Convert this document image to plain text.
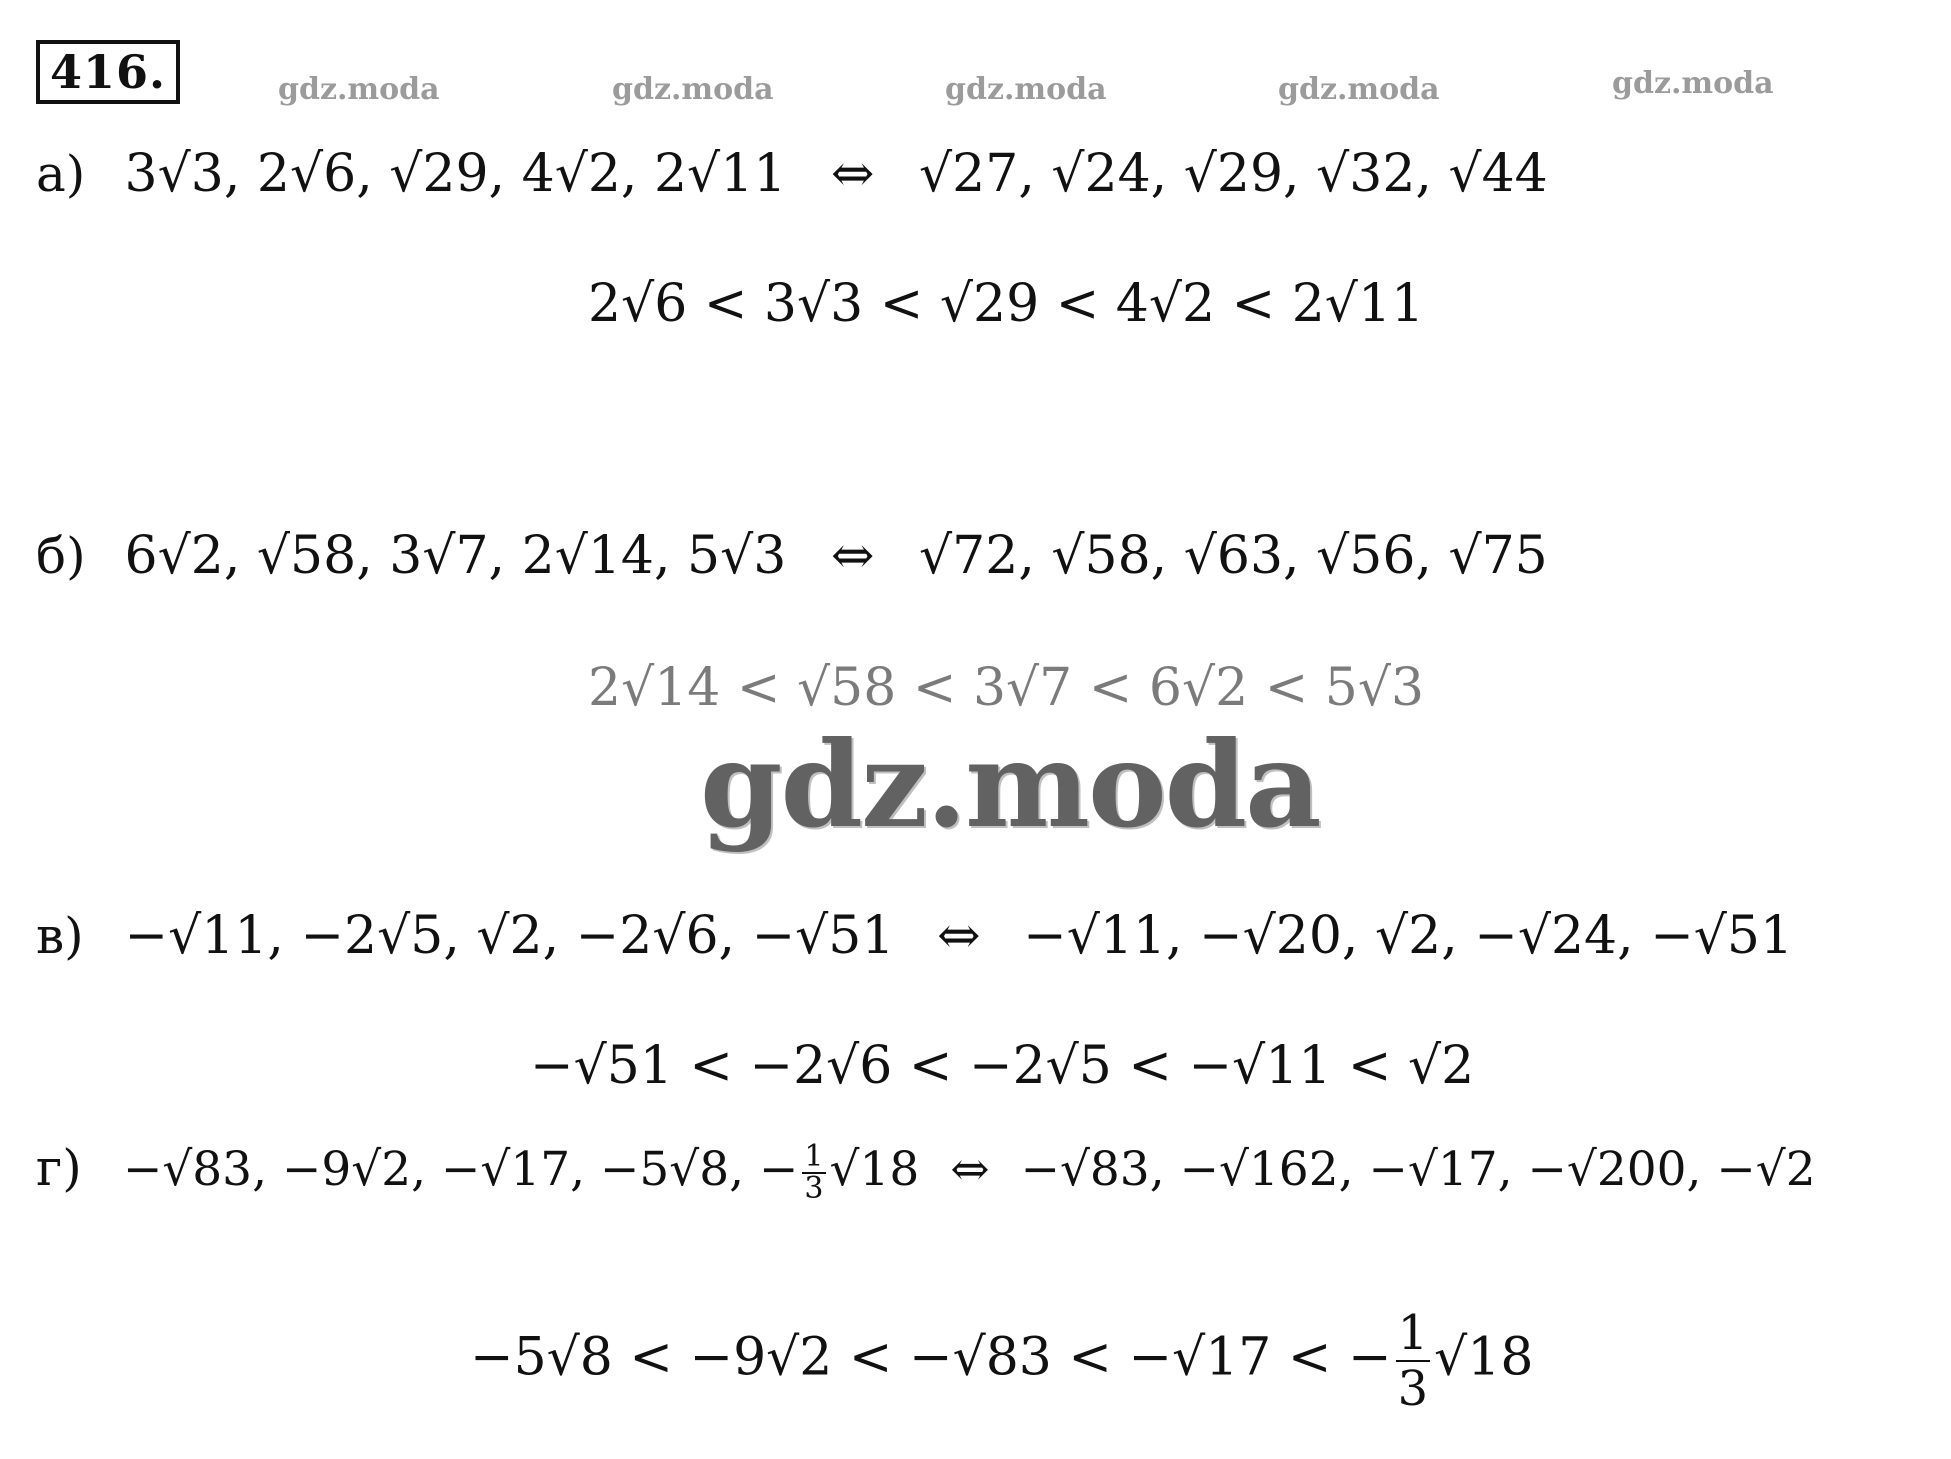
416.	gdz.moda	gdz.moda	gdz.moda	gdz.moda	gdz.moda
а) 3√3, 2√6, √29, 4√2, 2√11 ⇔ √27, √24, √29, √32, √44
2√6 < 3√3 < √29 < 4√2 < 2√11
б) 6√2, √58, 3√7, 2√14, 5√3 ⇔ √72, √58, √63, √56, √75
2√14 < √58 < 3√7 < 6√2 < 5√3
gdz.moda
в) −√11, −2√5, √2, −2√6, −√51 ⇔ −√11, −√20, √2, −√24, −√51
−√51 < −2√6 < −2√5 < −√11 < √2
г) −√83, −9√2, −√17, −5√8, − $\frac{1}{3} √18$ ⇔ −√83, −√162, −√17, −√200, −√2
−5√8 < −9√2 < −√83 < −√17 < − $\frac{1}{3} √18$
